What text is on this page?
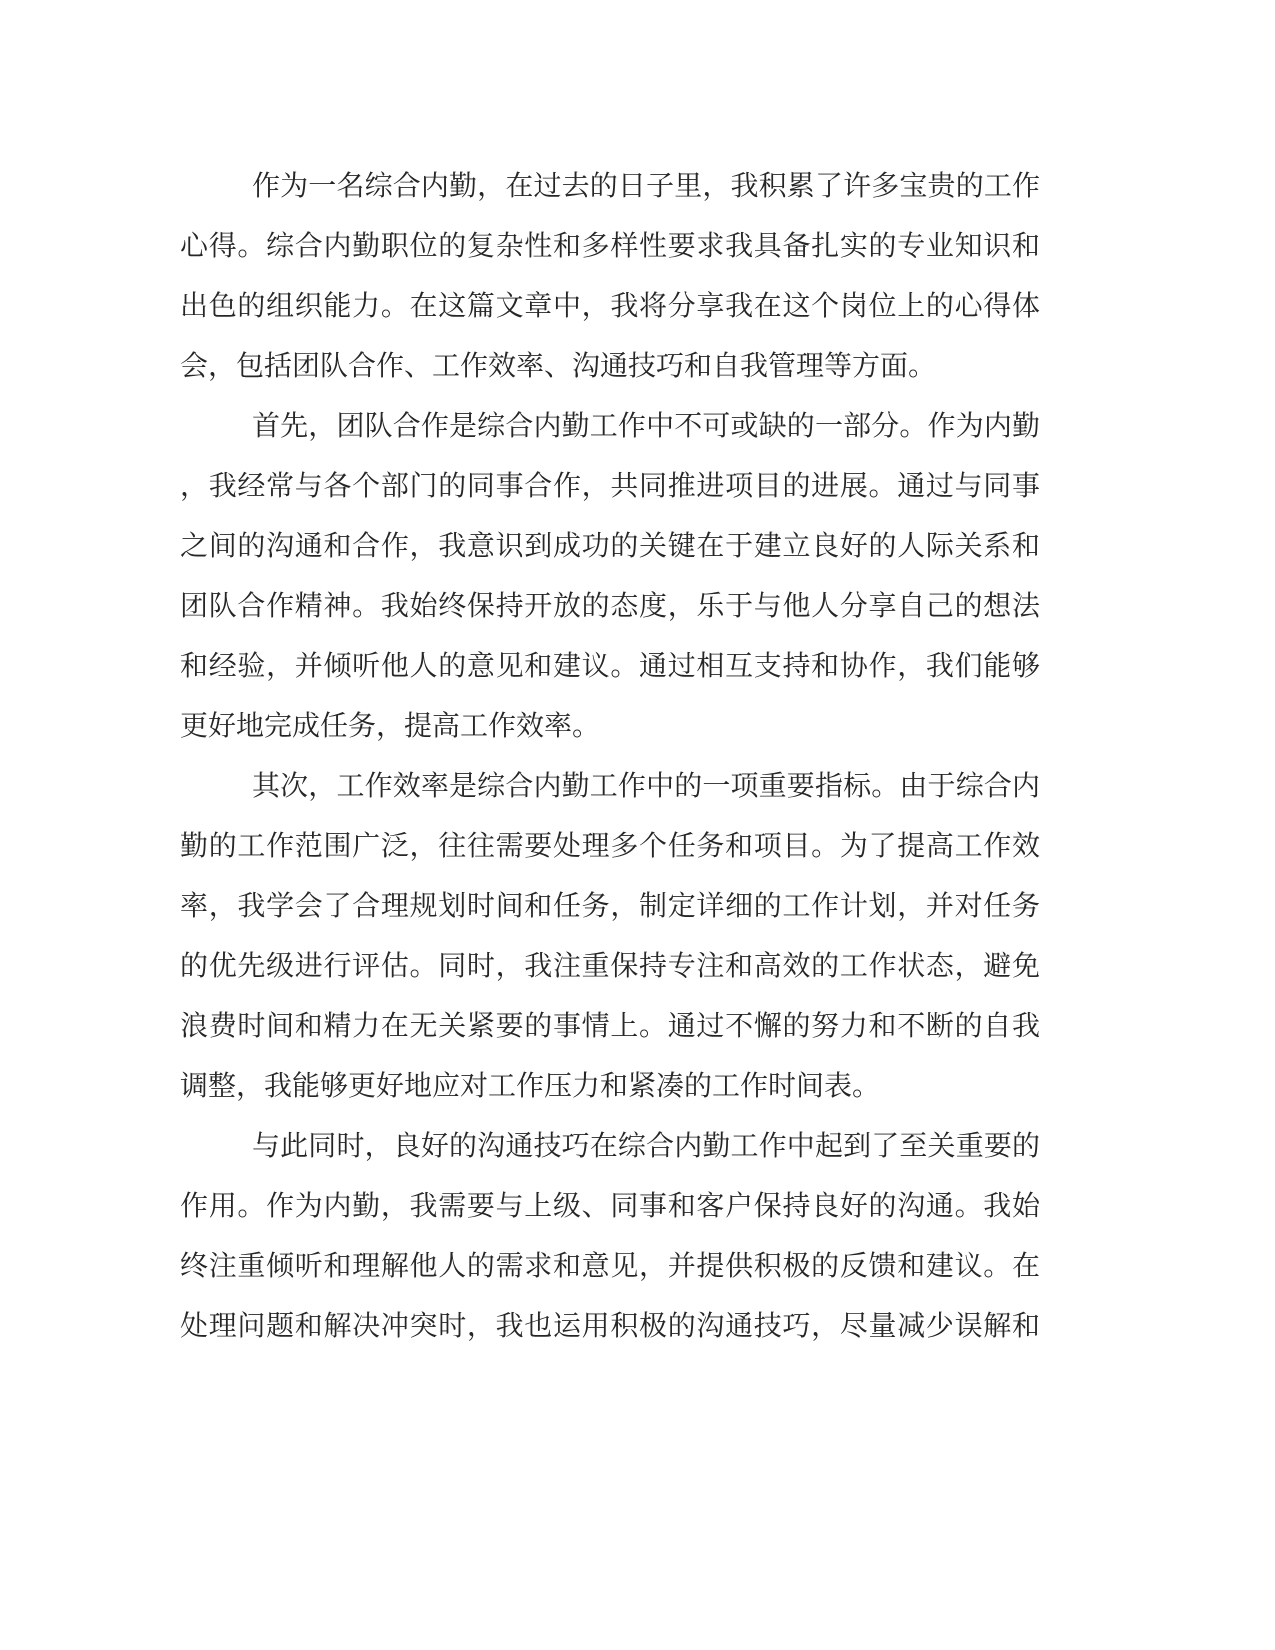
作为一名综合内勤，在过去的日子里，我积累了许多宝贵的工作
心得。综合内勤职位的复杂性和多样性要求我具备扎实的专业知识和
出色的组织能力。在这篇文章中，我将分享我在这个岗位上的心得体
会，包括团队合作、工作效率、沟通技巧和自我管理等方面。
首先，团队合作是综合内勤工作中不可或缺的一部分。作为内勤
，我经常与各个部门的同事合作，共同推进项目的进展。通过与同事
之间的沟通和合作，我意识到成功的关键在于建立良好的人际关系和
团队合作精神。我始终保持开放的态度，乐于与他人分享自己的想法
和经验，并倾听他人的意见和建议。通过相互支持和协作，我们能够
更好地完成任务，提高工作效率。
其次，工作效率是综合内勤工作中的一项重要指标。由于综合内
勤的工作范围广泛，往往需要处理多个任务和项目。为了提高工作效
率，我学会了合理规划时间和任务，制定详细的工作计划，并对任务
的优先级进行评估。同时，我注重保持专注和高效的工作状态，避免
浪费时间和精力在无关紧要的事情上。通过不懈的努力和不断的自我
调整，我能够更好地应对工作压力和紧凑的工作时间表。
与此同时，良好的沟通技巧在综合内勤工作中起到了至关重要的
作用。作为内勤，我需要与上级、同事和客户保持良好的沟通。我始
终注重倾听和理解他人的需求和意见，并提供积极的反馈和建议。在
处理问题和解决冲突时，我也运用积极的沟通技巧，尽量减少误解和
